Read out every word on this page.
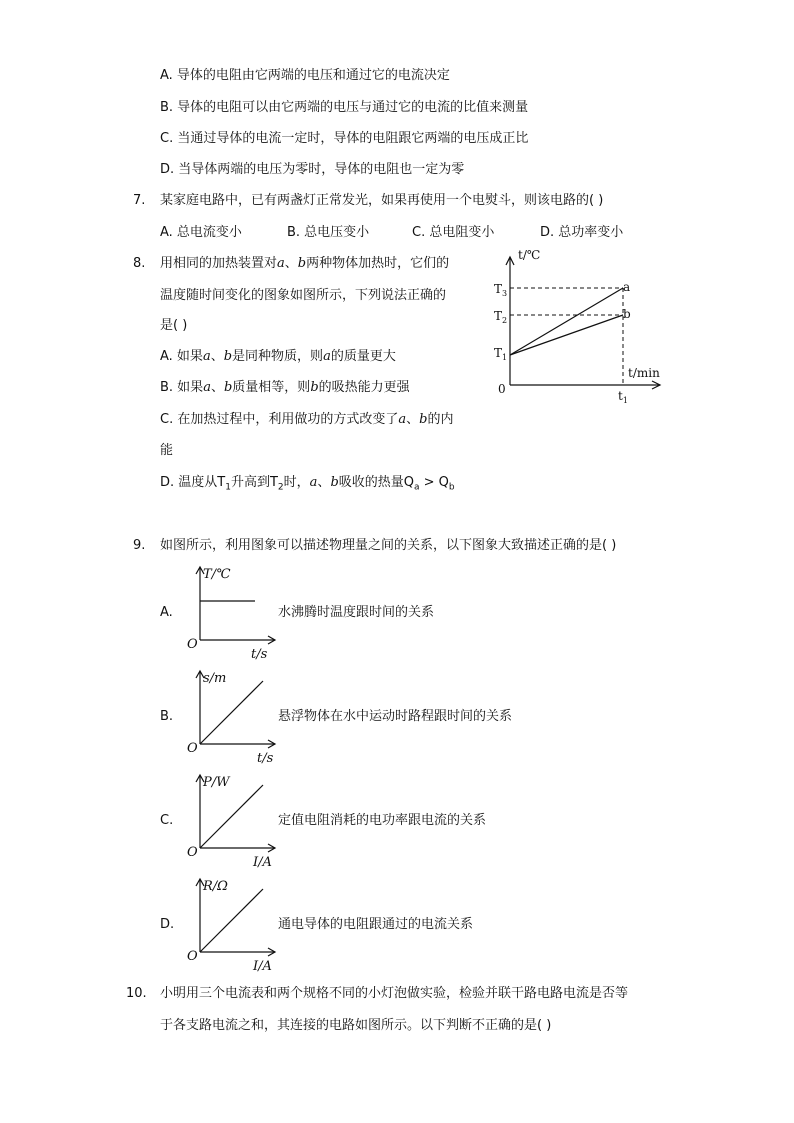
A. 导体的电阻由它两端的电压和通过它的电流决定
B. 导体的电阻可以由它两端的电压与通过它的电流的比值来测量
C. 当通过导体的电流一定时，导体的电阻跟它两端的电压成正比
D. 当导体两端的电压为零时，导体的电阻也一定为零
7. 某家庭电路中，已有两盏灯正常发光，如果再使用一个电熨斗，则该电路的( )
A. 总电流变小	B. 总电压变小	C. 总电阻变小	D. 总功率变小
8. 用相同的加热装置对a、b两种物体加热时，它们的
温度随时间变化的图象如图所示，下列说法正确的
是( )
A. 如果a、b是同种物质，则a的质量更大
B. 如果a、b质量相等，则b的吸热能力更强
C. 在加热过程中，利用做功的方式改变了a、b的内
能
D. 温度从$T_1$升高到$T_2$时，a、b吸收的热量$Q_a > Q_b$
t/℃
t/min
0
$T_3$
$T_2$
$T_1$
$t_1$
a
b
9. 如图所示，利用图象可以描述物理量之间的关系，以下图象大致描述正确的是( )
A.
T/℃
t/s
O
水沸腾时温度跟时间的关系
B.
s/m
t/s
O
悬浮物体在水中运动时路程跟时间的关系
C.
P/W
I/A
O
定值电阻消耗的电功率跟电流的关系
D.
R/Ω
I/A
O
通电导体的电阻跟通过的电流关系
10. 小明用三个电流表和两个规格不同的小灯泡做实验，检验并联干路电路电流是否等
于各支路电流之和，其连接的电路如图所示。以下判断不正确的是( )
